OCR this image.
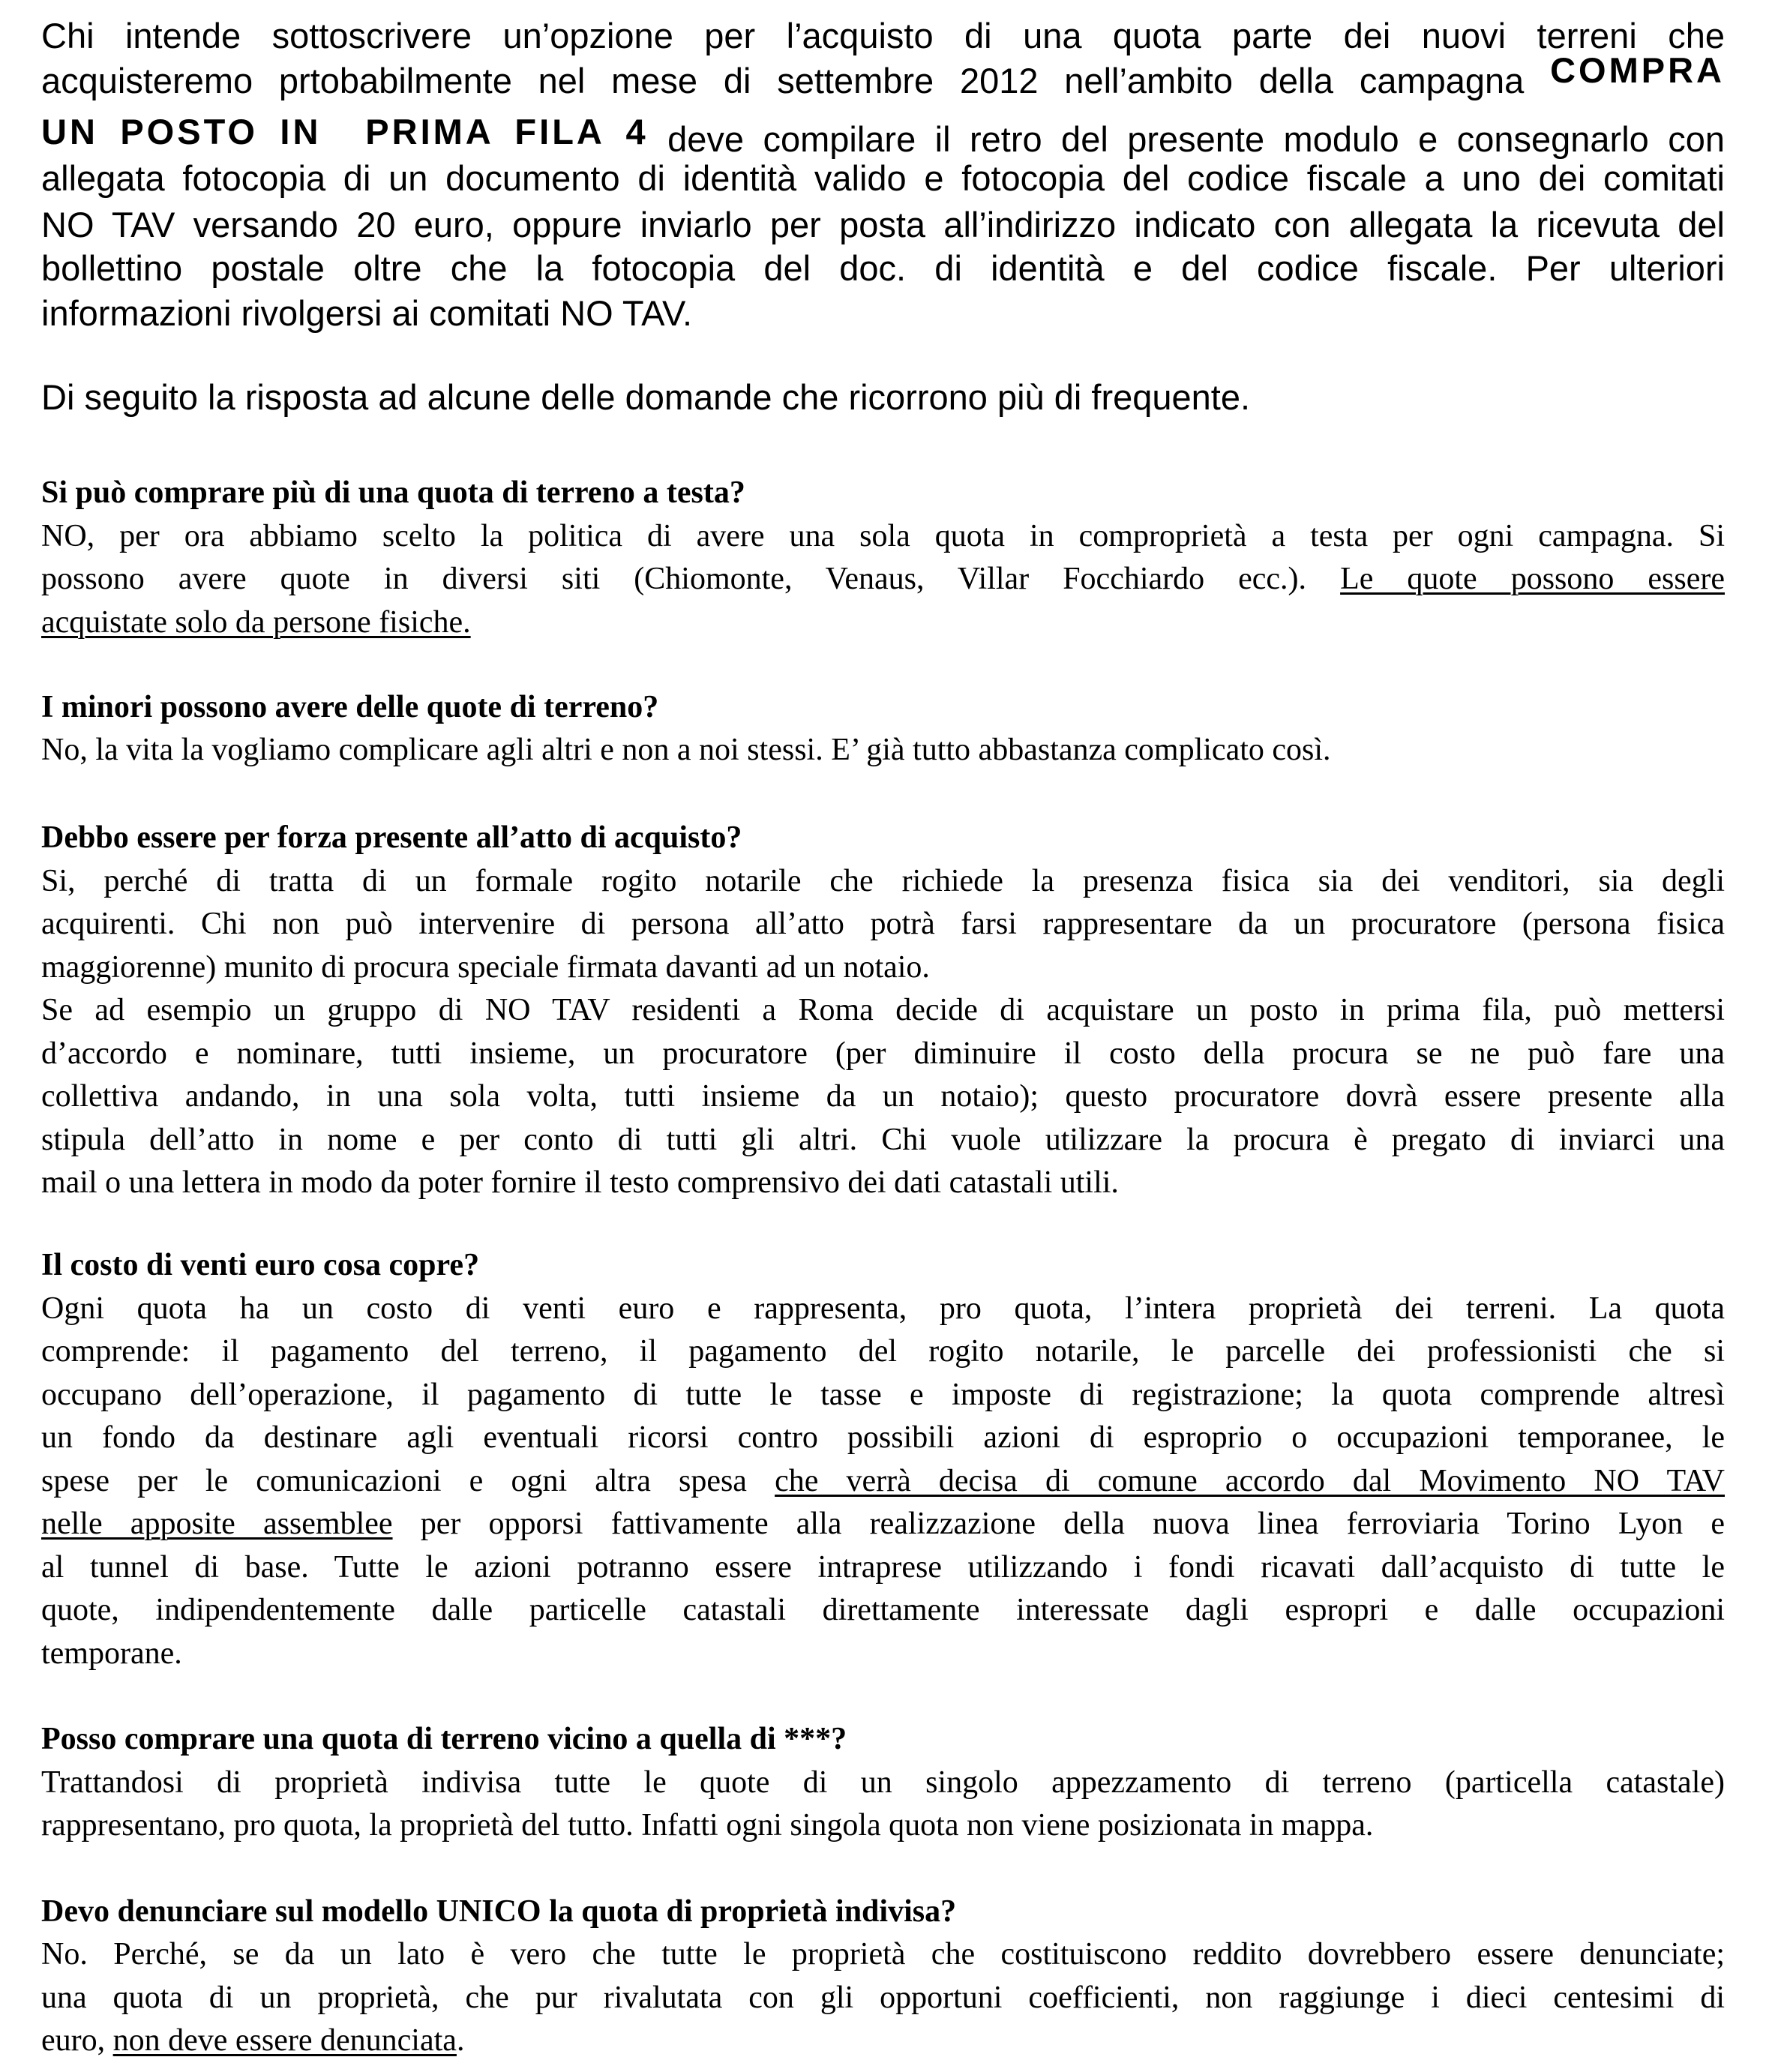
Chi intende sottoscrivere un’opzione per l’acquisto di una quota parte dei nuovi terreni che
acquisteremo prtobabilmente nel mese di settembre 2012 nell’ambito della campagna COMPRA
UN POSTO IN  PRIMA FILA 4 deve compilare il retro del presente modulo e consegnarlo con
allegata fotocopia di un documento di identità valido e fotocopia del codice fiscale a uno dei comitati
NO TAV versando 20 euro, oppure inviarlo per posta all’indirizzo indicato con allegata la ricevuta del
bollettino postale oltre che la fotocopia del doc. di identità e del codice fiscale. Per ulteriori
informazioni rivolgersi ai comitati NO TAV.
Di seguito la risposta ad alcune delle domande che ricorrono più di frequente.
Si può comprare più di una quota di terreno a testa?
NO, per ora abbiamo scelto la politica di avere una sola quota in comproprietà a testa per ogni campagna. Si
possono avere quote in diversi siti (Chiomonte, Venaus, Villar Focchiardo ecc.). Le quote possono essere
acquistate solo da persone fisiche.
I minori possono avere delle quote di terreno?
No, la vita la vogliamo complicare agli altri e non a noi stessi. E’ già tutto abbastanza complicato così.
Debbo essere per forza presente all’atto di acquisto?
Si, perché di tratta di un formale rogito notarile che richiede la presenza fisica sia dei venditori, sia degli
acquirenti. Chi non può intervenire di persona all’atto potrà farsi rappresentare da un procuratore (persona fisica
maggiorenne) munito di procura speciale firmata davanti ad un notaio.
Se ad esempio un gruppo di NO TAV residenti a Roma decide di acquistare un posto in prima fila, può mettersi
d’accordo e nominare, tutti insieme, un procuratore (per diminuire il costo della procura se ne può fare una
collettiva andando, in una sola volta, tutti insieme da un notaio); questo procuratore dovrà essere presente alla
stipula dell’atto in nome e per conto di tutti gli altri. Chi vuole utilizzare la procura è pregato di inviarci una
mail o una lettera in modo da poter fornire il testo comprensivo dei dati catastali utili.
Il costo di venti euro cosa copre?
Ogni quota ha un costo di venti euro e rappresenta, pro quota, l’intera proprietà dei terreni. La quota
comprende: il pagamento del terreno, il pagamento del rogito notarile, le parcelle dei professionisti che si
occupano dell’operazione, il pagamento di tutte le tasse e imposte di registrazione; la quota comprende altresì
un fondo da destinare agli eventuali ricorsi contro possibili azioni di esproprio o occupazioni temporanee, le
spese per le comunicazioni e ogni altra spesa che verrà decisa di comune accordo dal Movimento NO TAV
nelle apposite assemblee per opporsi fattivamente alla realizzazione della nuova linea ferroviaria Torino Lyon e
al tunnel di base. Tutte le azioni potranno essere intraprese utilizzando i fondi ricavati dall’acquisto di tutte le
quote, indipendentemente dalle particelle catastali direttamente interessate dagli espropri e dalle occupazioni
temporane.
Posso comprare una quota di terreno vicino a quella di ***?
Trattandosi di proprietà indivisa tutte le quote di un singolo appezzamento di terreno (particella catastale)
rappresentano, pro quota, la proprietà del tutto. Infatti ogni singola quota non viene posizionata in mappa.
Devo denunciare sul modello UNICO la quota di proprietà indivisa?
No. Perché, se da un lato è vero che tutte le proprietà che costituiscono reddito dovrebbero essere denunciate;
una quota di un proprietà, che pur rivalutata con gli opportuni coefficienti, non raggiunge i dieci centesimi di
euro, non deve essere denunciata.
